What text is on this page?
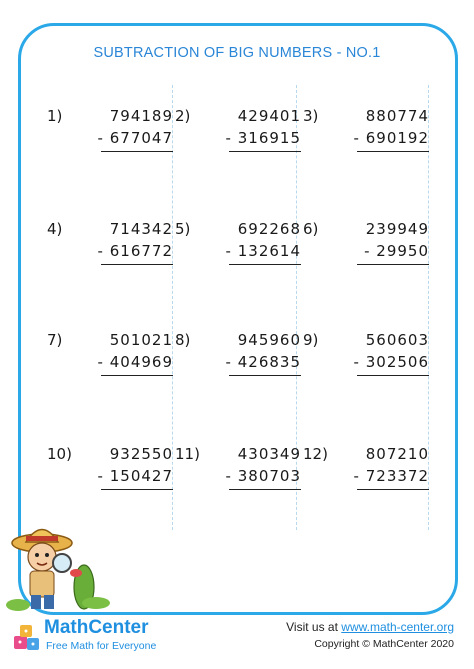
SUBTRACTION OF BIG NUMBERS - NO.1
1)	794189
- 677047
2)	429401
- 316915
3)	880774
- 690192
4)	714342
- 616772
5)	692268
- 132614
6)	239949
- 29950
7)	501021
- 404969
8)	945960
- 426835
9)	560603
- 302506
10)	932550
- 150427
11)	430349
- 380703
12)	807210
- 723372
MathCenter
Free Math for Everyone
Visit us at www.math-center.org
Copyright © MathCenter 2020
